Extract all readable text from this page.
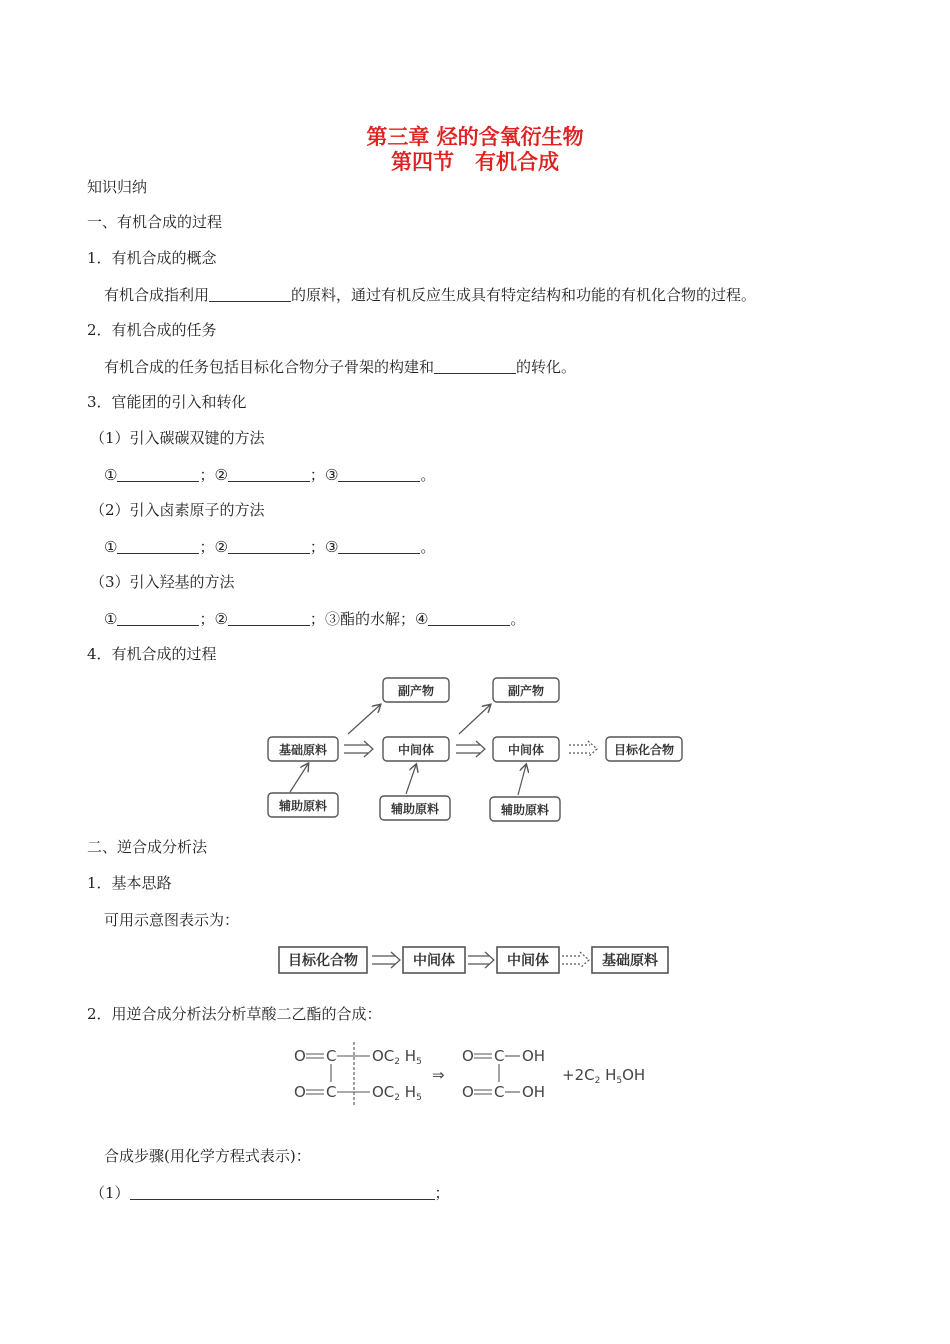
第三章 烃的含氧衍生物
第四节　有机合成
知识归纳
一、有机合成的过程
1．有机合成的概念
有机合成指利用	的原料，通过有机反应生成具有特定结构和功能的有机化合物的过程。
2．有机合成的任务
有机合成的任务包括目标化合物分子骨架的构建和	的转化。
3．官能团的引入和转化
（1）引入碳碳双键的方法
①	；②	；③	。
（2）引入卤素原子的方法
①	；②	；③	。
（3）引入羟基的方法
①	；②	；③酯的水解；④	。
4．有机合成的过程
副产物	副产物
基础原料	中间体	中间体	目标化合物
辅助原料	辅助原料	辅助原料
二、逆合成分析法
1．基本思路
可用示意图表示为：
目标化合物	中间体	中间体	基础原料
2．用逆合成分析法分析草酸二乙酯的合成：
O C $OC_2$ $H_5$
O C $OC_2$ $H_5$
⇒
O C OH
O C OH
$+2C_2$ $H_5OH$
合成步骤(用化学方程式表示)：
（1）	；
